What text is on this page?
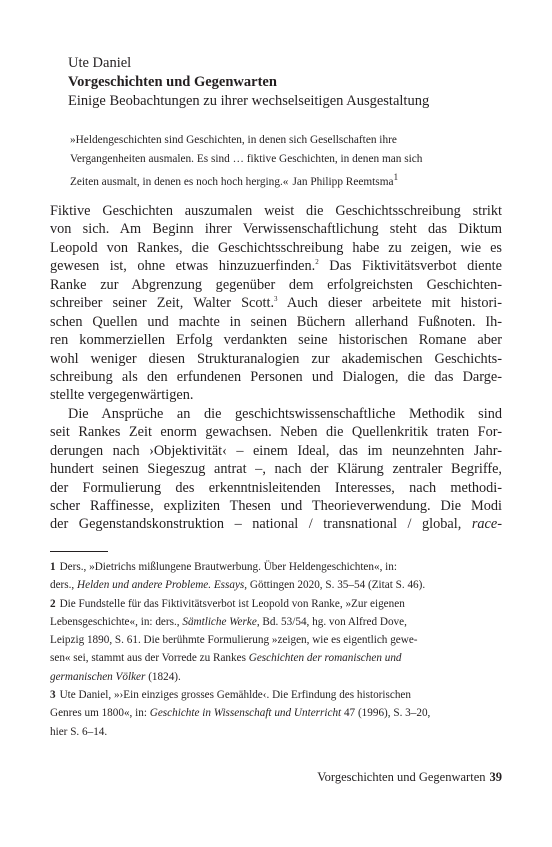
Ute Daniel
Vorgeschichten und Gegenwarten
Einige Beobachtungen zu ihrer wechselseitigen Ausgestaltung
»Heldengeschichten sind Geschichten, in denen sich Gesellschaften ihre
Vergangenheiten ausmalen. Es sind … fiktive Geschichten, in denen man sich
Zeiten ausmalt, in denen es noch hoch herging.« Jan Philipp Reemtsma$^1$
Fiktive Geschichten auszumalen weist die Geschichtsschreibung strikt
von sich. Am Beginn ihrer Verwissenschaftlichung steht das Diktum
Leopold von Rankes, die Geschichtsschreibung habe zu zeigen, wie es
gewesen ist, ohne etwas hinzuzuerfinden.$^2$ Das Fiktivitätsverbot diente
Ranke zur Abgrenzung gegenüber dem erfolgreichsten Geschichten-
schreiber seiner Zeit, Walter Scott.$^3$ Auch dieser arbeitete mit histori-
schen Quellen und machte in seinen Büchern allerhand Fußnoten. Ih-
ren kommerziellen Erfolg verdankten seine historischen Romane aber
wohl weniger diesen Strukturanalogien zur akademischen Geschichts-
schreibung als den erfundenen Personen und Dialogen, die das Darge-
stellte vergegenwärtigen.
Die Ansprüche an die geschichtswissenschaftliche Methodik sind
seit Rankes Zeit enorm gewachsen. Neben die Quellenkritik traten For-
derungen nach ›Objektivität‹ – einem Ideal, das im neunzehnten Jahr-
hundert seinen Siegeszug antrat –, nach der Klärung zentraler Begriffe,
der Formulierung des erkenntnisleitenden Interesses, nach methodi-
scher Raffinesse, expliziten Thesen und Theorieverwendung. Die Modi
der Gegenstandskonstruktion – national / transnational / global, race-
1 Ders., »Dietrichs mißlungene Brautwerbung. Über Heldengeschichten«, in:
ders., Helden und andere Probleme. Essays, Göttingen 2020, S. 35–54 (Zitat S. 46).
2 Die Fundstelle für das Fiktivitätsverbot ist Leopold von Ranke, »Zur eigenen
Lebensgeschichte«, in: ders., Sämtliche Werke, Bd. 53/54, hg. von Alfred Dove,
Leipzig 1890, S. 61. Die berühmte Formulierung »zeigen, wie es eigentlich gewe-
sen« sei, stammt aus der Vorrede zu Rankes Geschichten der romanischen und
germanischen Völker (1824).
3 Ute Daniel, »›Ein einziges grosses Gemählde‹. Die Erfindung des historischen
Genres um 1800«, in: Geschichte in Wissenschaft und Unterricht 47 (1996), S. 3–20,
hier S. 6–14.
Vorgeschichten und Gegenwarten 39
